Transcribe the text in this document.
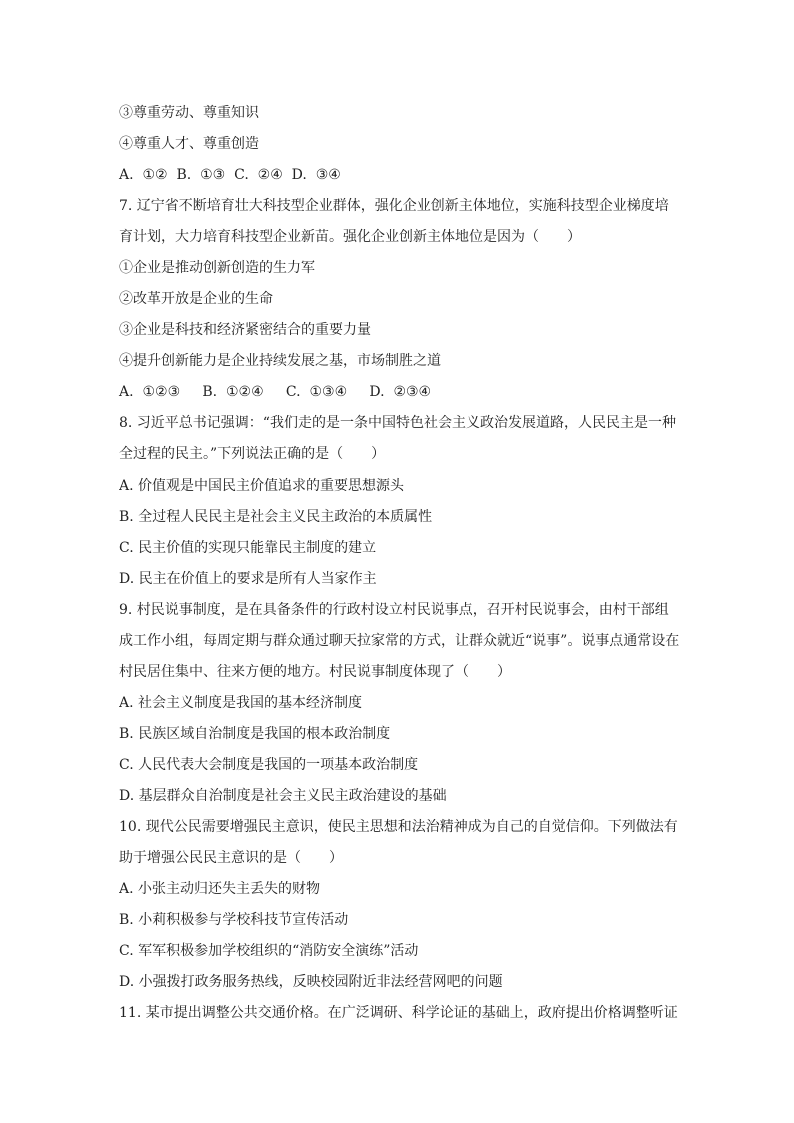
③尊重劳动、尊重知识
④尊重人才、尊重创造
A.  ①②  B.  ①③  C.  ②④  D.  ③④
7. 辽宁省不断培育壮大科技型企业群体，强化企业创新主体地位，实施科技型企业梯度培
育计划，大力培育科技型企业新苗。强化企业创新主体地位是因为（　　）
①企业是推动创新创造的生力军
②改革开放是企业的生命
③企业是科技和经济紧密结合的重要力量
④提升创新能力是企业持续发展之基，市场制胜之道
A.  ①②③     B.  ①②④     C.  ①③④     D.  ②③④
8. 习近平总书记强调：“我们走的是一条中国特色社会主义政治发展道路，人民民主是一种
全过程的民主。”下列说法正确的是（　　）
A. 价值观是中国民主价值追求的重要思想源头
B. 全过程人民民主是社会主义民主政治的本质属性
C. 民主价值的实现只能靠民主制度的建立
D. 民主在价值上的要求是所有人当家作主
9. 村民说事制度，是在具备条件的行政村设立村民说事点，召开村民说事会，由村干部组
成工作小组，每周定期与群众通过聊天拉家常的方式，让群众就近“说事”。说事点通常设在
村民居住集中、往来方便的地方。村民说事制度体现了（　　）
A. 社会主义制度是我国的基本经济制度
B. 民族区域自治制度是我国的根本政治制度
C. 人民代表大会制度是我国的一项基本政治制度
D. 基层群众自治制度是社会主义民主政治建设的基础
10. 现代公民需要增强民主意识，使民主思想和法治精神成为自己的自觉信仰。下列做法有
助于增强公民民主意识的是（　　）
A. 小张主动归还失主丢失的财物
B. 小莉积极参与学校科技节宣传活动
C. 军军积极参加学校组织的“消防安全演练”活动
D. 小强拨打政务服务热线，反映校园附近非法经营网吧的问题
11. 某市提出调整公共交通价格。在广泛调研、科学论证的基础上，政府提出价格调整听证
